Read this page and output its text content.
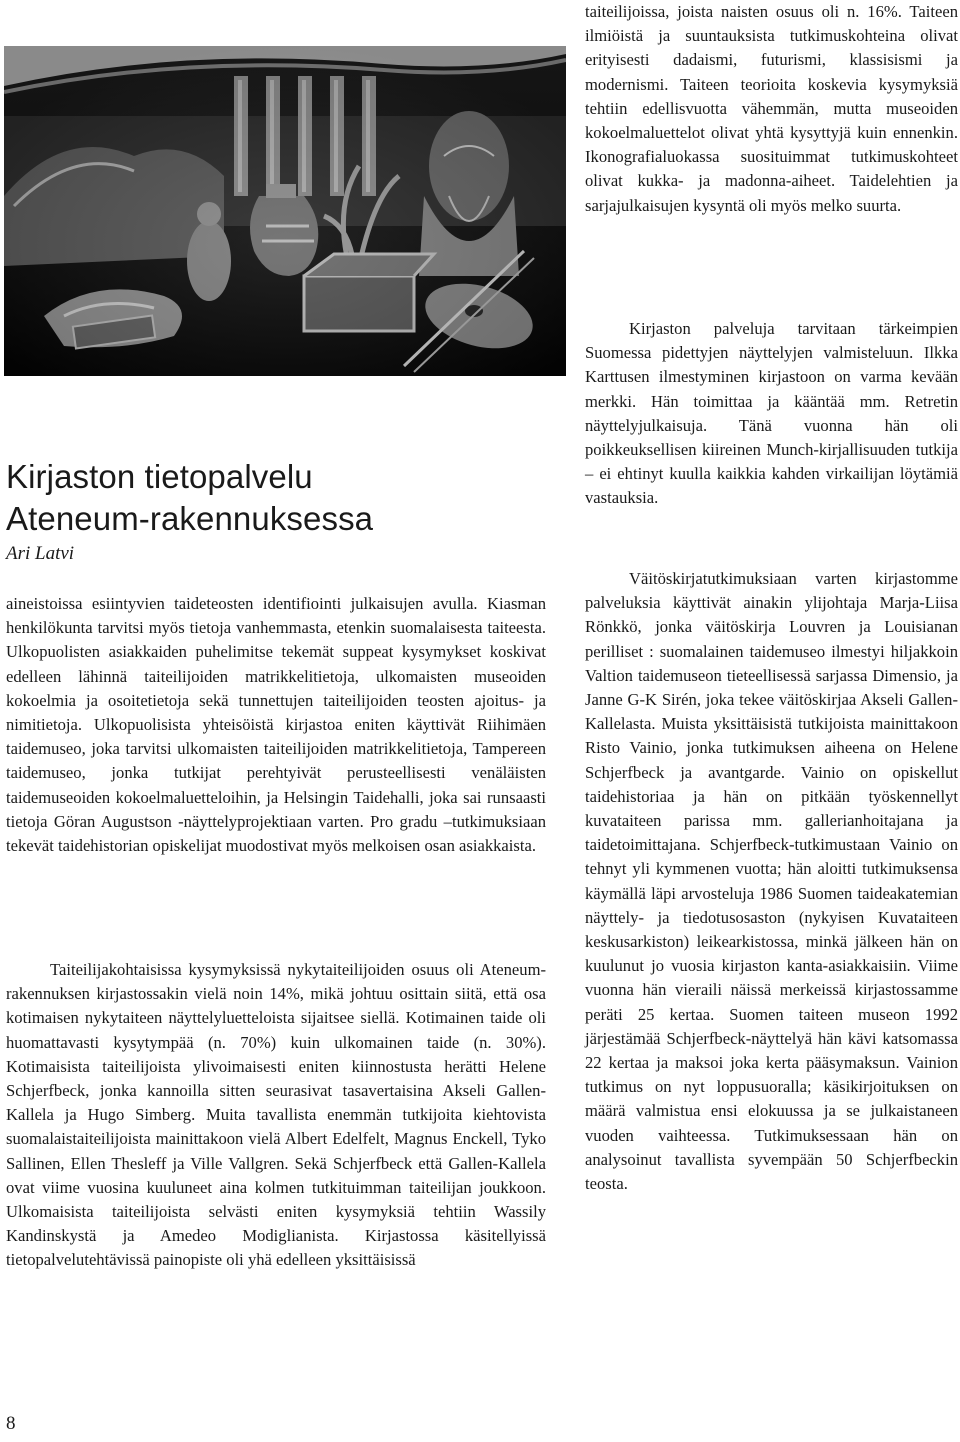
taiteilijoissa, joista naisten osuus oli n. 16%. Taiteen ilmiöistä ja suuntauksista tutkimuskohteina olivat erityisesti dadaismi, futurismi, klassisismi ja modernismi. Taiteen teorioita koskevia kysymyksiä tehtiin edellisvuotta vähemmän, mutta museoiden kokoelmaluettelot olivat yhtä kysyttyjä kuin ennenkin. Ikonografialuokassa suosituimmat tutkimuskohteet olivat kukka- ja madonna-aiheet. Taidelehtien ja sarjajulkaisujen kysyntä oli myös melko suurta.

Kirjaston palveluja tarvitaan tärkeimpien Suomessa pidettyjen näyttelyjen valmisteluun. Ilkka Karttusen ilmestyminen kirjastoon on varma kevään merkki. Hän toimittaa ja kääntää mm. Retretin näyttelyjulkaisuja. Tänä vuonna hän oli poikkeuksellisen kiireinen Munch-kirjallisuuden tutkija – ei ehtinyt kuulla kaikkia kahden virkailijan löytämiä vastauksia.

Väitöskirjatutkimuksiaan varten kirjastomme palveluksia käyttivät ainakin ylijohtaja Marja-Liisa Rönkkö, jonka väitöskirja Louvren ja Louisianan perilliset : suomalainen taidemuseo ilmestyi hiljakkoin Valtion taidemuseon tieteellisessä sarjassa Dimensio, ja Janne G-K Sirén, joka tekee väitöskirjaa Akseli Gallen-Kallelasta. Muista yksittäisistä tutkijoista mainittakoon Risto Vainio, jonka tutkimuksen aiheena on Helene Schjerfbeck ja avantgarde. Vainio on opiskellut taidehistoriaa ja hän on pitkään työskennellyt kuvataiteen parissa mm. gallerianhoitajana ja taidetoimittajana. Schjerfbeck-tutkimustaan Vainio on tehnyt yli kymmenen vuotta; hän aloitti tutkimuksensa käymällä läpi arvosteluja 1986 Suomen taideakatemian näyttely- ja tiedotusosaston (nykyisen Kuvataiteen keskusarkiston) leikearkistossa, minkä jälkeen hän on kuulunut jo vuosia kirjaston kanta-asiakkaisiin. Viime vuonna hän vieraili näissä merkeissä kirjastossamme peräti 25 kertaa. Suomen taiteen museon 1992 järjestämää Schjerfbeck-näyttelyä hän kävi katsomassa 22 kertaa ja maksoi joka kerta pääsymaksun. Vainion tutkimus on nyt loppusuoralla; käsikirjoituksen on määrä valmistua ensi elokuussa ja se julkaistaneen vuoden vaihteessa. Tutkimuksessaan hän on analysoinut tavallista syvempään 50 Schjerfbeckin teosta.

Kirjaston tietopalvelu
Ateneum-rakennuksessa
Ari Latvi

aineistoissa esiintyvien taideteosten identifiointi julkaisujen avulla. Kiasman henkilökunta tarvitsi myös tietoja vanhemmasta, etenkin suomalaisesta taiteesta. Ulkopuolisten asiakkaiden puhelimitse tekemät suppeat kysymykset koskivat edelleen lähinnä taiteilijoiden matrikkelitietoja, ulkomaisten museoiden kokoelmia ja osoitetietoja sekä tunnettujen taiteilijoiden teosten ajoitus- ja nimitietoja. Ulkopuolisista yhteisöistä kirjastoa eniten käyttivät Riihimäen taidemuseo, joka tarvitsi ulkomaisten taiteilijoiden matrikkelitietoja, Tampereen taidemuseo, jonka tutkijat perehtyivät perusteellisesti venäläisten taidemuseoiden kokoelmaluetteloihin, ja Helsingin Taidehalli, joka sai runsaasti tietoja Göran Augustson -näyttelyprojektiaan varten. Pro gradu –tutkimuksiaan tekevät taidehistorian opiskelijat muodostivat myös melkoisen osan asiakkaista.

Taiteilijakohtaisissa kysymyksissä nykytaiteilijoiden osuus oli Ateneum-rakennuksen kirjastossakin vielä noin 14%, mikä johtuu osittain siitä, että osa kotimaisen nykytaiteen näyttelyluetteloista sijaitsee siellä. Kotimainen taide oli huomattavasti kysytympää (n. 70%) kuin ulkomainen taide (n. 30%). Kotimaisista taiteilijoista ylivoimaisesti eniten kiinnostusta herätti Helene Schjerfbeck, jonka kannoilla sitten seurasivat tasavertaisina Akseli Gallen-Kallela ja Hugo Simberg. Muita tavallista enemmän tutkijoita kiehtovista suomalaistaiteilijoista mainittakoon vielä Albert Edelfelt, Magnus Enckell, Tyko Sallinen, Ellen Thesleff ja Ville Vallgren. Sekä Schjerfbeck että Gallen-Kallela ovat viime vuosina kuuluneet aina kolmen tutkituimman taiteilijan joukkoon. Ulkomaisista taiteilijoista selvästi eniten kysymyksiä tehtiin Wassily Kandinskystä ja Amedeo Modiglianista. Kirjastossa käsitellyissä tietopalvelutehtävissä painopiste oli yhä edelleen yksittäisissä

8
